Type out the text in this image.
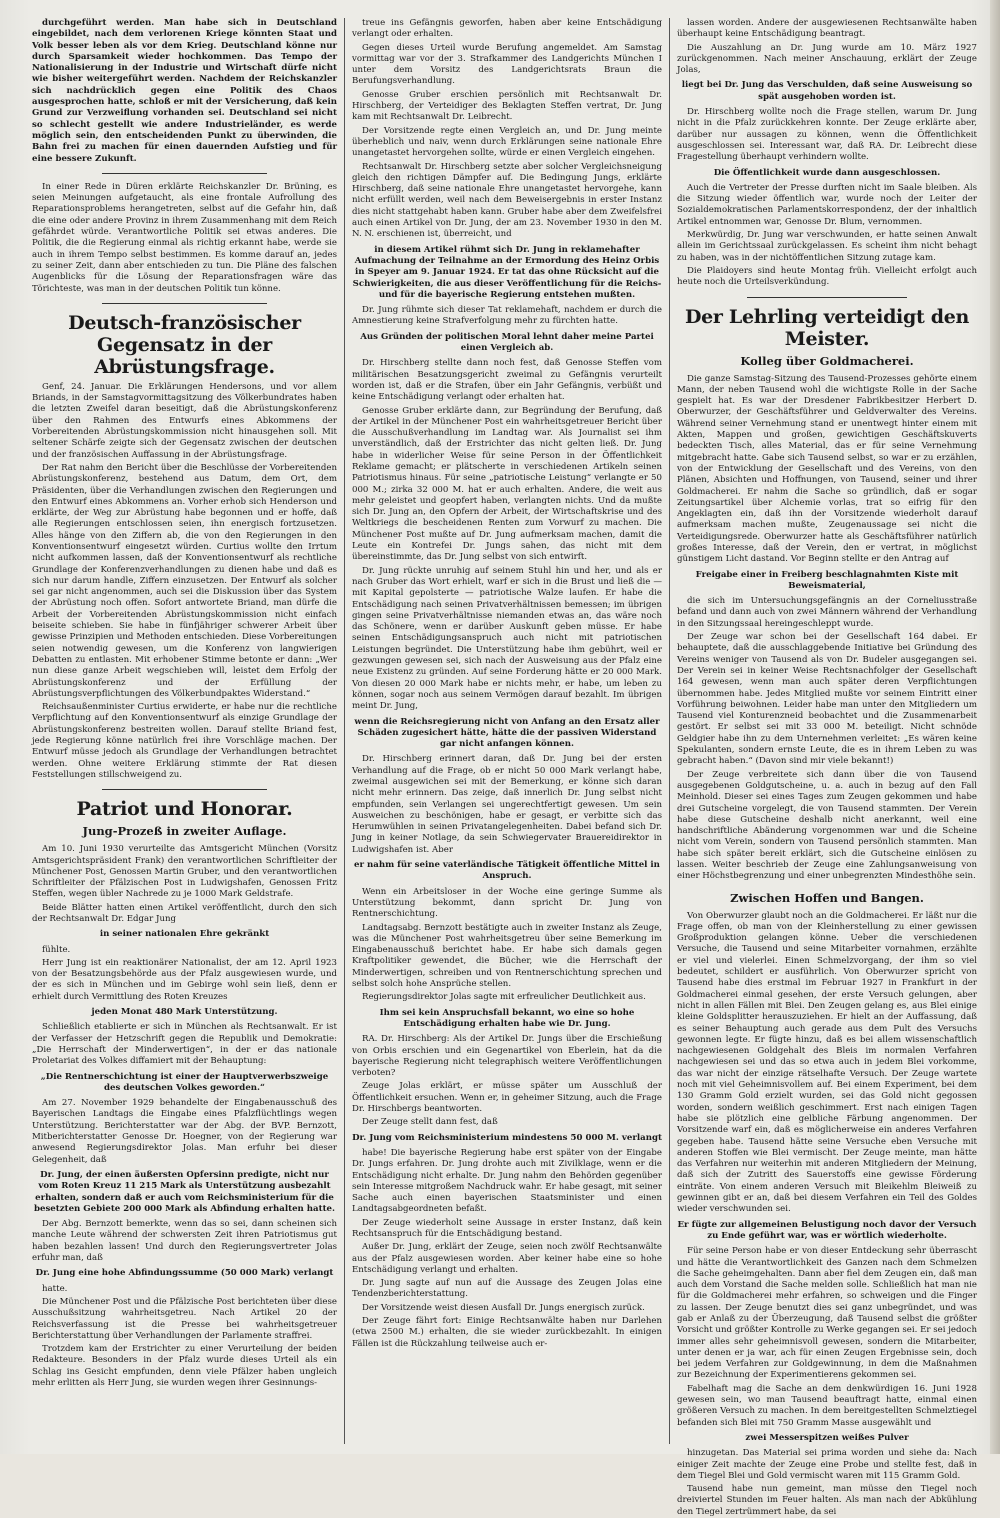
durchgeführt werden. Man habe sich in Deutschland eingebildet, nach dem verlorenen Kriege könnten Staat und Volk besser leben als vor dem Krieg. Deutschland könne nur durch Sparsamkeit wieder hochkommen. Das Tempo der Nationalisierung in der Industrie und Wirtschaft dürfe nicht wie bisher weitergeführt werden. Nachdem der Reichskanzler sich nachdrücklich gegen eine Politik des Chaos ausgesprochen hatte, schloß er mit der Versicherung, daß kein Grund zur Verzweiflung vorhanden sei. Deutschland sei nicht so schlecht gestellt wie andere Industrieländer, es werde möglich sein, den entscheidenden Punkt zu überwinden, die Bahn frei zu machen für einen dauernden Aufstieg und für eine bessere Zukunft.

In einer Rede in Düren erklärte Reichskanzler Dr. Brüning, es seien Meinungen aufgetaucht, als eine frontale Aufrollung des Reparationsproblems herangetreten, selbst auf die Gefahr hin, daß die eine oder andere Provinz in ihrem Zusammenhang mit dem Reich gefährdet würde. Verantwortliche Politik sei etwas anderes. Die Politik, die die Regierung einmal als richtig erkannt habe, werde sie auch in ihrem Tempo selbst bestimmen. Es komme darauf an, jedes zu seiner Zeit, dann aber entschieden zu tun. Die Pläne des falschen Augenblicks für die Lösung der Reparationsfragen wäre das Törichteste, was man in der deutschen Politik tun könne.

Deutsch-französischer Gegensatz in der Abrüstungsfrage.

Genf, 24. Januar. Die Erklärungen Hendersons, und vor allem Briands, in der Samstagvormittagsitzung des Völkerbundrates haben die letzten Zweifel daran beseitigt, daß die Abrüstungskonferenz über den Rahmen des Entwurfs eines Abkommens der Vorbereitenden Abrüstungskommission nicht hinausgehen soll. Mit seltener Schärfe zeigte sich der Gegensatz zwischen der deutschen und der französischen Auffassung in der Abrüstungsfrage.

Der Rat nahm den Bericht über die Beschlüsse der Vorbereitenden Abrüstungskonferenz, bestehend aus Datum, dem Ort, dem Präsidenten, über die Verhandlungen zwischen den Regierungen und den Entwurf eines Abkommens an. Vorher erhob sich Henderson und erklärte, der Weg zur Abrüstung habe begonnen und er hoffe, daß alle Regierungen entschlossen seien, ihn energisch fortzusetzen. Alles hänge von den Ziffern ab, die von den Regierungen in den Konventionsentwurf eingesetzt würden. Curtius wollte den Irrtum nicht aufkommen lassen, daß der Konventionsentwurf als rechtliche Grundlage der Konferenzverhandlungen zu dienen habe und daß es sich nur darum handle, Ziffern einzusetzen. Der Entwurf als solcher sei gar nicht angenommen, auch sei die Diskussion über das System der Abrüstung noch offen. Sofort antwortete Briand, man dürfe die Arbeit der Vorbereitenden Abrüstungskommission nicht einfach beiseite schieben. Sie habe in fünfjähriger schwerer Arbeit über gewisse Prinzipien und Methoden entschieden. Diese Vorbereitungen seien notwendig gewesen, um die Konferenz von langwierigen Debatten zu entlasten. Mit erhobener Stimme betonte er dann: „Wer nun diese ganze Arbeit wegschieben will, leistet dem Erfolg der Abrüstungskonferenz und der Erfüllung der Abrüstungsverpflichtungen des Völkerbundpaktes Widerstand.“

Reichsaußenminister Curtius erwiderte, er habe nur die rechtliche Verpflichtung auf den Konventionsentwurf als einzige Grundlage der Abrüstungskonferenz bestreiten wollen. Darauf stellte Briand fest, jede Regierung könne natürlich frei ihre Vorschläge machen. Der Entwurf müsse jedoch als Grundlage der Verhandlungen betrachtet werden. Ohne weitere Erklärung stimmte der Rat diesen Feststellungen stillschweigend zu.

Patriot und Honorar.
Jung-Prozeß in zweiter Auflage.

Am 10. Juni 1930 verurteilte das Amtsgericht München (Vorsitz Amtsgerichtspräsident Frank) den verantwortlichen Schriftleiter der Münchener Post, Genossen Martin Gruber, und den verantwortlichen Schriftleiter der Pfälzischen Post in Ludwigshafen, Genossen Fritz Steffen, wegen übler Nachrede zu je 1000 Mark Geldstrafe.

Beide Blätter hatten einen Artikel veröffentlicht, durch den sich der Rechtsanwalt Dr. Edgar Jung

in seiner nationalen Ehre gekränkt

fühlte.

Herr Jung ist ein reaktionärer Nationalist, der am 12. April 1923 von der Besatzungsbehörde aus der Pfalz ausgewiesen wurde, und der es sich in München und im Gebirge wohl sein ließ, denn er erhielt durch Vermittlung des Roten Kreuzes

jeden Monat 480 Mark Unterstützung.

Schließlich etablierte er sich in München als Rechtsanwalt. Er ist der Verfasser der Hetzschrift gegen die Republik und Demokratie: „Die Herrschaft der Minderwertigen“, in der er das nationale Proletariat des Volkes diffamiert mit der Behauptung:

„Die Rentnerschichtung ist einer der Hauptverwerbszweige des deutschen Volkes geworden.“

Am 27. November 1929 behandelte der Eingabenausschuß des Bayerischen Landtags die Eingabe eines Pfalzflüchtlings wegen Unterstützung. Berichterstatter war der Abg. der BVP. Bernzott, Mitberichterstatter Genosse Dr. Hoegner, von der Regierung war anwesend Regierungsdirektor Jolas. Man erfuhr bei dieser Gelegenheit, daß

Dr. Jung, der einen äußersten Opfersinn predigte, nicht nur vom Roten Kreuz 11 215 Mark als Unterstützung ausbezahlt erhalten, sondern daß er auch vom Reichsministerium für die besetzten Gebiete 200 000 Mark als Abfindung erhalten hatte.

Der Abg. Bernzott bemerkte, wenn das so sei, dann scheinen sich manche Leute während der schwersten Zeit ihren Patriotismus gut haben bezahlen lassen! Und durch den Regierungsvertreter Jolas erfuhr man, daß

Dr. Jung eine hohe Abfindungssumme (50 000 Mark) verlangt

hatte.

Die Münchener Post und die Pfälzische Post berichteten über diese Ausschußsitzung wahrheitsgetreu. Nach Artikel 20 der Reichsverfassung ist die Presse bei wahrheitsgetreuer Berichterstattung über Verhandlungen der Parlamente straffrei.

Trotzdem kam der Erstrichter zu einer Verurteilung der beiden Redakteure. Besonders in der Pfalz wurde dieses Urteil als ein Schlag ins Gesicht empfunden, denn viele Pfälzer haben ungleich mehr erlitten als Herr Jung, sie wurden wegen ihrer Gesinnungs-

treue ins Gefängnis geworfen, haben aber keine Entschädigung verlangt oder erhalten.

Gegen dieses Urteil wurde Berufung angemeldet. Am Samstag vormittag war vor der 3. Strafkammer des Landgerichts München I unter dem Vorsitz des Landgerichtsrats Braun die Berufungsverhandlung.

Genosse Gruber erschien persönlich mit Rechtsanwalt Dr. Hirschberg, der Verteidiger des Beklagten Steffen vertrat, Dr. Jung kam mit Rechtsanwalt Dr. Leibrecht.

Der Vorsitzende regte einen Vergleich an, und Dr. Jung meinte überheblich und naiv, wenn durch Erklärungen seine nationale Ehre unangetastet hervorgehen sollte, würde er einen Vergleich eingehen.

Rechtsanwalt Dr. Hirschberg setzte aber solcher Vergleichsneigung gleich den richtigen Dämpfer auf. Die Bedingung Jungs, erklärte Hirschberg, daß seine nationale Ehre unangetastet hervorgehe, kann nicht erfüllt werden, weil nach dem Beweisergebnis in erster Instanz dies nicht stattgehabt haben kann. Gruber habe aber dem Zweifelsfrei auch einen Artikel von Dr. Jung, der am 23. November 1930 in den M. N. N. erschienen ist, überreicht, und

in diesem Artikel rühmt sich Dr. Jung in reklamehafter Aufmachung der Teilnahme an der Ermordung des Heinz Orbis in Speyer am 9. Januar 1924. Er tat das ohne Rücksicht auf die Schwierigkeiten, die aus dieser Veröffentlichung für die Reichs- und für die bayerische Regierung entstehen mußten.

Dr. Jung rühmte sich dieser Tat reklamehaft, nachdem er durch die Amnestierung keine Strafverfolgung mehr zu fürchten hatte.

Aus Gründen der politischen Moral lehnt daher meine Partei einen Vergleich ab.

Dr. Hirschberg stellte dann noch fest, daß Genosse Steffen vom militärischen Besatzungsgericht zweimal zu Gefängnis verurteilt worden ist, daß er die Strafen, über ein Jahr Gefängnis, verbüßt und keine Entschädigung verlangt oder erhalten hat.

Genosse Gruber erklärte dann, zur Begründung der Berufung, daß der Artikel in der Münchener Post ein wahrheitsgetreuer Bericht über die Ausschußverhandlung im Landtag war. Als Journalist sei ihm unverständlich, daß der Erstrichter das nicht gelten ließ. Dr. Jung habe in widerlicher Weise für seine Person in der Öffentlichkeit Reklame gemacht; er plätscherte in verschiedenen Artikeln seinen Patriotismus hinaus. Für seine „patriotische Leistung“ verlangte er 50 000 M.; zirka 32 000 M. hat er auch erhalten. Andere, die weit aus mehr geleistet und geopfert haben, verlangten nichts. Und da mußte sich Dr. Jung an, den Opfern der Arbeit, der Wirtschaftskrise und des Weltkriegs die bescheidenen Renten zum Vorwurf zu machen. Die Münchener Post mußte auf Dr. Jung aufmerksam machen, damit die Leute ein Kontrefei Dr. Jungs sahen, das nicht mit dem übereinstimmte, das Dr. Jung selbst von sich entwirft.

Dr. Jung rückte unruhig auf seinem Stuhl hin und her, und als er nach Gruber das Wort erhielt, warf er sich in die Brust und ließ die — mit Kapital gepolsterte — patriotische Walze laufen. Er habe die Entschädigung nach seinen Privatverhältnissen bemessen; im übrigen gingen seine Privatverhältnisse niemanden etwas an, das wäre noch das Schönere, wenn er darüber Auskunft geben müsse. Er habe seinen Entschädigungsanspruch auch nicht mit patriotischen Leistungen begründet. Die Unterstützung habe ihm gebührt, weil er gezwungen gewesen sei, sich nach der Ausweisung aus der Pfalz eine neue Existenz zu gründen. Auf seine Forderung hätte er 20 000 Mark. Von diesen 20 000 Mark habe er nichts mehr, er habe, um leben zu können, sogar noch aus seinem Vermögen darauf bezahlt. Im übrigen meint Dr. Jung,

wenn die Reichsregierung nicht von Anfang an den Ersatz aller Schäden zugesichert hätte, hätte die der passiven Widerstand gar nicht anfangen können.

Dr. Hirschberg erinnert daran, daß Dr. Jung bei der ersten Verhandlung auf die Frage, ob er nicht 50 000 Mark verlangt habe, zweimal ausgewichen sei mit der Bemerkung, er könne sich daran nicht mehr erinnern. Das zeige, daß innerlich Dr. Jung selbst nicht empfunden, sein Verlangen sei ungerechtfertigt gewesen. Um sein Ausweichen zu beschönigen, habe er gesagt, er verbitte sich das Herumwühlen in seinen Privatangelegenheiten. Dabei befand sich Dr. Jung in keiner Notlage, da sein Schwiegervater Brauereidirektor in Ludwigshafen ist. Aber

er nahm für seine vaterländische Tätigkeit öffentliche Mittel in Anspruch.

Wenn ein Arbeitsloser in der Woche eine geringe Summe als Unterstützung bekommt, dann spricht Dr. Jung von Rentnerschichtung.

Landtagsabg. Bernzott bestätigte auch in zweiter Instanz als Zeuge, was die Münchener Post wahrheitsgetreu über seine Bemerkung im Eingabenausschuß berichtet habe. Er habe sich damals gegen Kraftpolitiker gewendet, die Bücher, wie die Herrschaft der Minderwertigen, schreiben und von Rentnerschichtung sprechen und selbst solch hohe Ansprüche stellen.

Regierungsdirektor Jolas sagte mit erfreulicher Deutlichkeit aus.

Ihm sei kein Anspruchsfall bekannt, wo eine so hohe Entschädigung erhalten habe wie Dr. Jung.

RA. Dr. Hirschberg: Als der Artikel Dr. Jungs über die Erschießung von Orbis erschien und ein Gegenartikel von Eberlein, hat da die bayerische Regierung nicht telegraphisch weitere Veröffentlichungen verboten?

Zeuge Jolas erklärt, er müsse später um Ausschluß der Öffentlichkeit ersuchen. Wenn er, in geheimer Sitzung, auch die Frage Dr. Hirschbergs beantworten.

Der Zeuge stellt dann fest, daß

Dr. Jung vom Reichsministerium mindestens 50 000 M. verlangt

habe! Die bayerische Regierung habe erst später von der Eingabe Dr. Jungs erfahren. Dr. Jung drohte auch mit Zivilklage, wenn er die Entschädigung nicht erhalte. Dr. Jung nahm den Behörden gegenüber sein Interesse mitgroßem Nachdruck wahr. Er habe gesagt, mit seiner Sache auch einen bayerischen Staatsminister und einen Landtagsabgeordneten befaßt.

Der Zeuge wiederholt seine Aussage in erster Instanz, daß kein Rechtsanspruch für die Entschädigung bestand.

Außer Dr. Jung, erklärt der Zeuge, seien noch zwölf Rechtsanwälte aus der Pfalz ausgewiesen worden. Aber keiner habe eine so hohe Entschädigung verlangt und erhalten.

Dr. Jung sagte auf nun auf die Aussage des Zeugen Jolas eine Tendenzberichterstattung.

Der Vorsitzende weist diesen Ausfall Dr. Jungs energisch zurück.

Der Zeuge fährt fort: Einige Rechtsanwälte haben nur Darlehen (etwa 2500 M.) erhalten, die sie wieder zurückbezahlt. In einigen Fällen ist die Rückzahlung teilweise auch er-

lassen worden. Andere der ausgewiesenen Rechtsanwälte haben überhaupt keine Entschädigung beantragt.

Die Auszahlung an Dr. Jung wurde am 10. März 1927 zurückgenommen. Nach meiner Anschauung, erklärt der Zeuge Jolas,

liegt bei Dr. Jung das Verschulden, daß seine Ausweisung so spät ausgehoben worden ist.

Dr. Hirschberg wollte noch die Frage stellen, warum Dr. Jung nicht in die Pfalz zurückkehren konnte. Der Zeuge erklärte aber, darüber nur aussagen zu können, wenn die Öffentlichkeit ausgeschlossen sei. Interessant war, daß RA. Dr. Leibrecht diese Fragestellung überhaupt verhindern wollte.

Die Öffentlichkeit wurde dann ausgeschlossen.

Auch die Vertreter der Presse durften nicht im Saale bleiben. Als die Sitzung wieder öffentlich war, wurde noch der Leiter der Sozialdemokratischen Parlamentskorrespondenz, der der inhaltlich Artikel entnommen war, Genosse Dr. Blum, vernommen.

Merkwürdig, Dr. Jung war verschwunden, er hatte seinen Anwalt allein im Gerichtssaal zurückgelassen. Es scheint ihm nicht behagt zu haben, was in der nichtöffentlichen Sitzung zutage kam.

Die Plaidoyers sind heute Montag früh. Vielleicht erfolgt auch heute noch die Urteilsverkündung.

Der Lehrling verteidigt den Meister.
Kolleg über Goldmacherei.

Die ganze Samstag-Sitzung des Tausend-Prozesses gehörte einem Mann, der neben Tausend wohl die wichtigste Rolle in der Sache gespielt hat. Es war der Dresdener Fabrikbesitzer Herbert D. Oberwurzer, der Geschäftsführer und Geldverwalter des Vereins. Während seiner Vernehmung stand er unentwegt hinter einem mit Akten, Mappen und großen, gewichtigen Geschäftskuverts bedeckten Tisch, alles Material, das er für seine Vernehmung mitgebracht hatte. Gabe sich Tausend selbst, so war er zu erzählen, von der Entwicklung der Gesellschaft und des Vereins, von den Plänen, Absichten und Hoffnungen, von Tausend, seiner und ihrer Goldmacherei. Er nahm die Sache so gründlich, daß er sogar Zeitungsartikel über Alchemie vorlas, trat so eifrig für den Angeklagten ein, daß ihn der Vorsitzende wiederholt darauf aufmerksam machen mußte, Zeugenaussage sei nicht die Verteidigungsrede. Oberwurzer hatte als Geschäftsführer natürlich großes Interesse, daß der Verein, den er vertrat, in möglichst günstigem Licht dastand. Vor Beginn stellte er den Antrag auf

Freigabe einer in Freiberg beschlagnahmten Kiste mit Beweismaterial,

die sich im Untersuchungsgefängnis an der Corneliusstraße befand und dann auch von zwei Männern während der Verhandlung in den Sitzungssaal hereingeschleppt wurde.

Der Zeuge war schon bei der Gesellschaft 164 dabei. Er behauptete, daß die ausschlaggebende Initiative bei Gründung des Vereins weniger von Tausend als von Dr. Budeler ausgegangen sei. Der Verein sei in keiner Weise Rechtsnachfolger der Gesellschaft 164 gewesen, wenn man auch später deren Verpflichtungen übernommen habe. Jedes Mitglied mußte vor seinem Eintritt einer Vorführung beiwohnen. Leider habe man unter den Mitgliedern um Tausend viel Konturenzneid beobachtet und die Zusammenarbeit gestört. Er selbst sei mit 33 000 M. beteiligt. Nicht schnöde Geldgier habe ihn zu dem Unternehmen verleitet: „Es wären keine Spekulanten, sondern ernste Leute, die es in ihrem Leben zu was gebracht haben.“ (Davon sind mir viele bekannt!)

Der Zeuge verbreitete sich dann über die von Tausend ausgegebenen Goldgutscheine, u. a. auch in bezug auf den Fall Meinhold. Dieser sei eines Tages zum Zeugen gekommen und habe drei Gutscheine vorgelegt, die von Tausend stammten. Der Verein habe diese Gutscheine deshalb nicht anerkannt, weil eine handschriftliche Abänderung vorgenommen war und die Scheine nicht vom Verein, sondern von Tausend persönlich stammten. Man habe sich später bereit erklärt, sich die Gutscheine einlösen zu lassen. Weiter beschrieb der Zeuge eine Zahlungsanweisung von einer Höchstbegrenzung und einer unbegrenzten Mindesthöhe sein.

Zwischen Hoffen und Bangen.

Von Oberwurzer glaubt noch an die Goldmacherei. Er läßt nur die Frage offen, ob man von der Kleinherstellung zu einer gewissen Großproduktion gelangen könne. Ueber die verschiedenen Versuche, die Tausend und seine Mitarbeiter vornahmen, erzählte er viel und vielerlei. Einen Schmelzvorgang, der ihm so viel bedeutet, schildert er ausführlich. Von Oberwurzer spricht von Tausend habe dies erstmal im Februar 1927 in Frankfurt in der Goldmacherei einmal gesehen, der erste Versuch gelungen, aber nicht in allen Fällen mit Blei. Den Zeugen gelang es, aus Blei einige kleine Goldsplitter herauszuziehen. Er hielt an der Auffassung, daß es seiner Behauptung auch gerade aus dem Pult des Versuchs gewonnen legte. Er fügte hinzu, daß es bei allem wissenschaftlich nachgewiesenen Goldgehalt des Bleis im normalen Verfahren nachgewiesen sei und das so etwa auch in jedem Blei vorkomme, das war nicht der einzige rätselhafte Versuch. Der Zeuge wartete noch mit viel Geheimnisvollem auf. Bei einem Experiment, bei dem 130 Gramm Gold erzielt wurden, sei das Gold nicht gegossen worden, sondern weißlich geschimmert. Erst nach einigen Tagen habe sie plötzlich eine gelbliche Färbung angenommen. Der Vorsitzende warf ein, daß es möglicherweise ein anderes Verfahren gegeben habe. Tausend hätte seine Versuche eben Versuche mit anderen Stoffen wie Blei vermischt. Der Zeuge meinte, man hätte das Verfahren nur weiterhin mit anderen Mitgliedern der Meinung, daß sich der Zutritt des Sauerstoffs eine gewisse Förderung einträte. Von einem anderen Versuch mit Bleikehlm Bleiweiß zu gewinnen gibt er an, daß bei diesem Verfahren ein Teil des Goldes wieder verschwunden sei.

Er fügte zur allgemeinen Belustigung noch davor der Versuch zu Ende geführt war, was er wörtlich wiederholte.

Für seine Person habe er von dieser Entdeckung sehr überrascht und hätte die Verantwortlichkeit des Ganzen nach dem Schmelzen die Sache geheimgehalten. Dann aber fiel dem Zeugen ein, daß man auch dem Vorstand die Sache melden solle. Schließlich hat man nie für die Goldmacherei mehr erfahren, so schweigen und die Finger zu lassen. Der Zeuge benutzt dies sei ganz unbegründet, und was gab er Anlaß zu der Überzeugung, daß Tausend selbst die größter Vorsicht und größter Kontrolle zu Werke gegangen sei. Er sei jedoch immer alles sehr geheimnisvoll gewesen, sondern die Mitarbeiter, unter denen er ja war, ach für einen Zeugen Ergebnisse sein, doch bei jedem Verfahren zur Goldgewinnung, in dem die Maßnahmen zur Bezeichnung der Experimentierens gekommen sei.

Fabelhaft mag die Sache an dem denkwürdigen 16. Juni 1928 gewesen sein, wo man Tausend beauftragt hatte, einmal einen größeren Versuch zu machen. In dem bereitgestellten Schmelztiegel befanden sich Blei mit 750 Gramm Masse ausgewählt und

zwei Messerspitzen weißes Pulver

hinzugetan. Das Material sei prima worden und siehe da: Nach einiger Zeit machte der Zeuge eine Probe und stellte fest, daß in dem Tiegel Blei und Gold vermischt waren mit 115 Gramm Gold.

Tausend habe nun gemeint, man müsse den Tiegel noch dreiviertel Stunden im Feuer halten. Als man nach der Abkühlung den Tiegel zertrümmert habe, da sei
